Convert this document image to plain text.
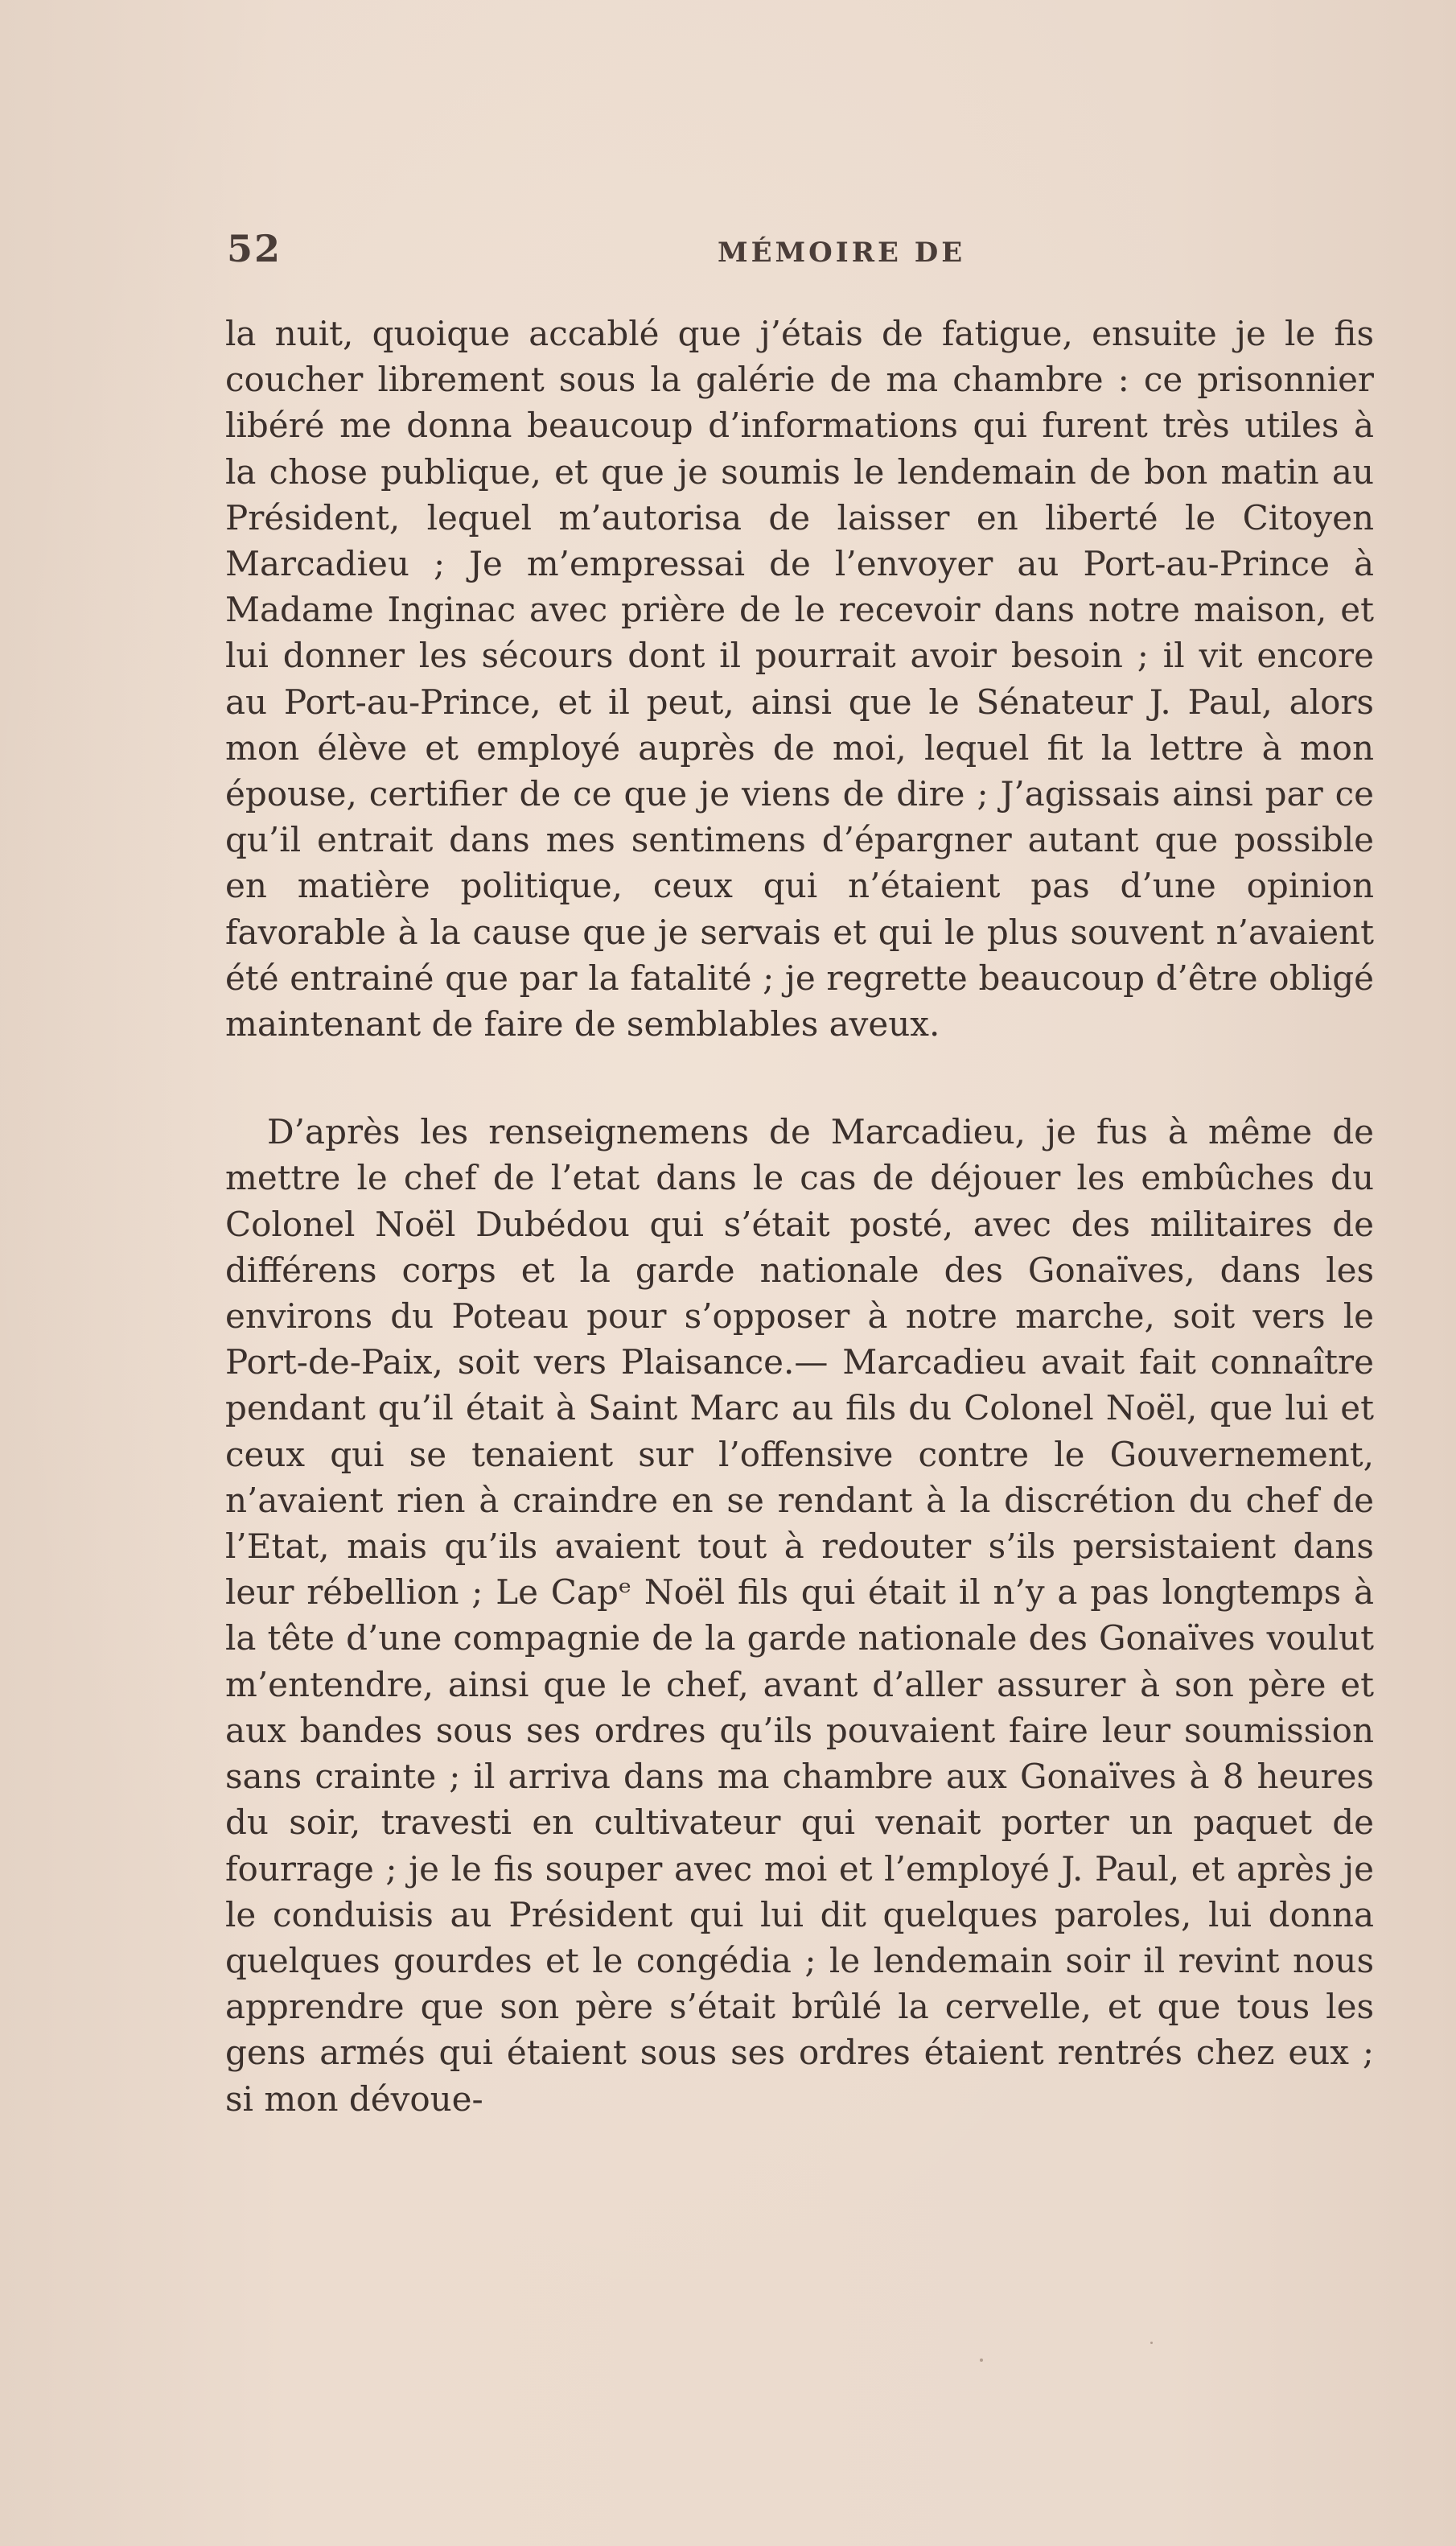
52	MÉMOIRE DE

la nuit, quoique accablé que j’étais de fatigue, ensuite je le fis coucher librement sous la galérie de ma chambre : ce prisonnier libéré me donna beaucoup d’informations qui furent très utiles à la chose publique, et que je soumis le lendemain de bon matin au Président, lequel m’autorisa de laisser en liberté le Citoyen Marcadieu ; Je m’empressai de l’envoyer au Port-au-Prince à Madame Inginac avec prière de le recevoir dans notre maison, et lui donner les sécours dont il pourrait avoir besoin ; il vit encore au Port-au-Prince, et il peut, ainsi que le Sénateur J. Paul, alors mon élève et employé auprès de moi, lequel fit la lettre à mon épouse, certifier de ce que je viens de dire ; J’agissais ainsi par ce qu’il entrait dans mes sentimens d’épargner autant que possible en matière politique, ceux qui n’étaient pas d’une opinion favorable à la cause que je servais et qui le plus souvent n’avaient été entrainé que par la fatalité ; je regrette beaucoup d’être obligé maintenant de faire de semblables aveux.

D’après les renseignemens de Marcadieu, je fus à même de mettre le chef de l’etat dans le cas de déjouer les embûches du Colonel Noël Dubédou qui s’était posté, avec des militaires de différens corps et la garde nationale des Gonaïves, dans les environs du Poteau pour s’opposer à notre marche, soit vers le Port-de-Paix, soit vers Plaisance.— Marcadieu avait fait connaître pendant qu’il était à Saint Marc au fils du Colonel Noël, que lui et ceux qui se tenaient sur l’offensive contre le Gouvernement, n’avaient rien à craindre en se rendant à la discrétion du chef de l’Etat, mais qu’ils avaient tout à redouter s’ils persistaient dans leur rébellion ; Le Capᵉ Noël fils qui était il n’y a pas longtemps à la tête d’une compagnie de la garde nationale des Gonaïves voulut m’entendre, ainsi que le chef, avant d’aller assurer à son père et aux bandes sous ses ordres qu’ils pouvaient faire leur soumission sans crainte ; il arriva dans ma chambre aux Gonaïves à 8 heures du soir, travesti en cultivateur qui venait porter un paquet de fourrage ; je le fis souper avec moi et l’employé J. Paul, et après je le conduisis au Président qui lui dit quelques paroles, lui donna quelques gourdes et le congédia ; le lendemain soir il revint nous apprendre que son père s’était brûlé la cervelle, et que tous les gens armés qui étaient sous ses ordres étaient rentrés chez eux ; si mon dévoue-
